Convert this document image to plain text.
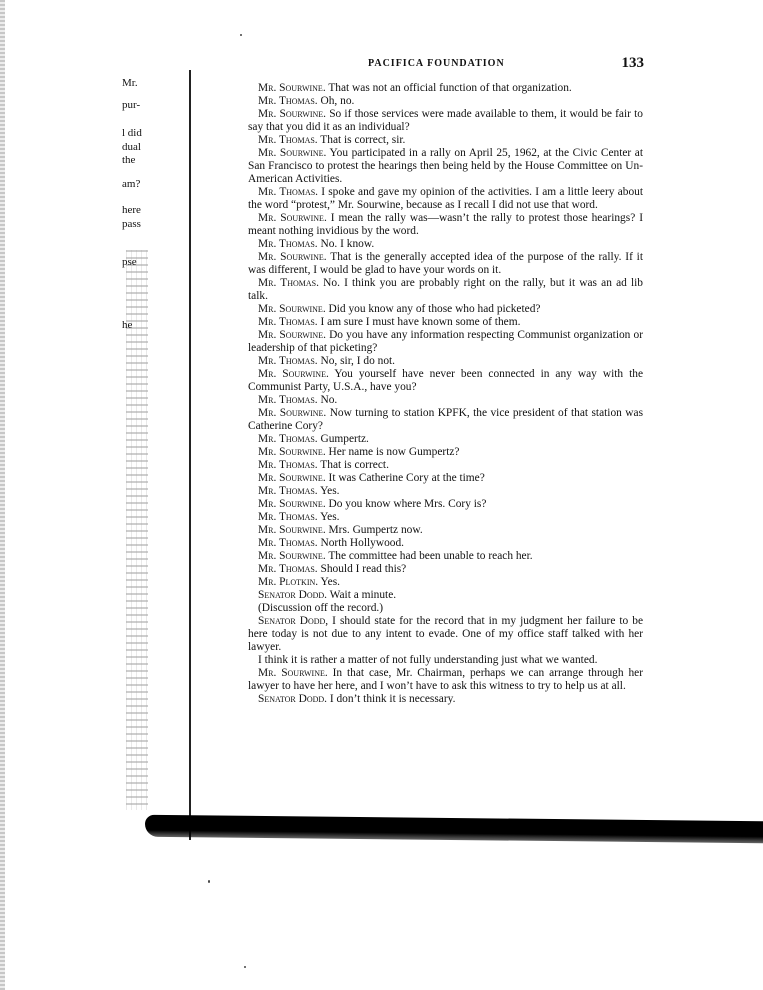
Mr.
pur-
l did
dual
the
am?
here
pass
pse
he
PACIFICA FOUNDATION	133

Mr. Sourwine. That was not an official function of that organization.

Mr. Thomas. Oh, no.

Mr. Sourwine. So if those services were made available to them, it would be fair to say that you did it as an individual?

Mr. Thomas. That is correct, sir.

Mr. Sourwine. You participated in a rally on April 25, 1962, at the Civic Center at San Francisco to protest the hearings then being held by the House Committee on Un-American Activities.

Mr. Thomas. I spoke and gave my opinion of the activities. I am a little leery about the word “protest,” Mr. Sourwine, because as I recall I did not use that word.

Mr. Sourwine. I mean the rally was—wasn’t the rally to protest those hearings? I meant nothing invidious by the word.

Mr. Thomas. No. I know.

Mr. Sourwine. That is the generally accepted idea of the purpose of the rally. If it was different, I would be glad to have your words on it.

Mr. Thomas. No. I think you are probably right on the rally, but it was an ad lib talk.

Mr. Sourwine. Did you know any of those who had picketed?

Mr. Thomas. I am sure I must have known some of them.

Mr. Sourwine. Do you have any information respecting Communist organization or leadership of that picketing?

Mr. Thomas. No, sir, I do not.

Mr. Sourwine. You yourself have never been connected in any way with the Communist Party, U.S.A., have you?

Mr. Thomas. No.

Mr. Sourwine. Now turning to station KPFK, the vice president of that station was Catherine Cory?

Mr. Thomas. Gumpertz.

Mr. Sourwine. Her name is now Gumpertz?

Mr. Thomas. That is correct.

Mr. Sourwine. It was Catherine Cory at the time?

Mr. Thomas. Yes.

Mr. Sourwine. Do you know where Mrs. Cory is?

Mr. Thomas. Yes.

Mr. Sourwine. Mrs. Gumpertz now.

Mr. Thomas. North Hollywood.

Mr. Sourwine. The committee had been unable to reach her.

Mr. Thomas. Should I read this?

Mr. Plotkin. Yes.

Senator Dodd. Wait a minute.

(Discussion off the record.)

Senator Dodd, I should state for the record that in my judgment her failure to be here today is not due to any intent to evade. One of my office staff talked with her lawyer.

I think it is rather a matter of not fully understanding just what we wanted.

Mr. Sourwine. In that case, Mr. Chairman, perhaps we can arrange through her lawyer to have her here, and I won’t have to ask this witness to try to help us at all.

Senator Dodd. I don’t think it is necessary.
